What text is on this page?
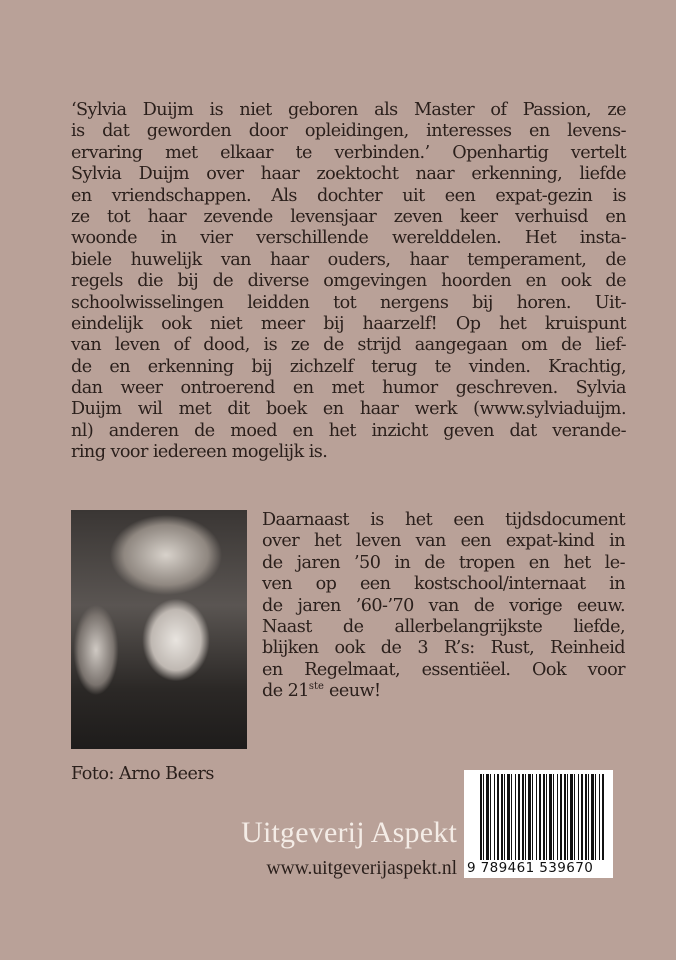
‘Sylvia Duijm is niet geboren als Master of Passion, ze
is dat geworden door opleidingen, interesses en levens-
ervaring met elkaar te verbinden.’ Openhartig vertelt
Sylvia Duijm over haar zoektocht naar erkenning, liefde
en vriendschappen. Als dochter uit een expat-gezin is
ze tot haar zevende levensjaar zeven keer verhuisd en
woonde in vier verschillende werelddelen. Het insta-
biele huwelijk van haar ouders, haar temperament, de
regels die bij de diverse omgevingen hoorden en ook de
schoolwisselingen leidden tot nergens bij horen. Uit-
eindelijk ook niet meer bij haarzelf! Op het kruispunt
van leven of dood, is ze de strijd aangegaan om de lief-
de en erkenning bij zichzelf terug te vinden. Krachtig,
dan weer ontroerend en met humor geschreven. Sylvia
Duijm wil met dit boek en haar werk (www.sylviaduijm.
nl) anderen de moed en het inzicht geven dat verande-
ring voor iedereen mogelijk is.
Daarnaast is het een tijdsdocument
over het leven van een expat-kind in
de jaren ’50 in de tropen en het le-
ven op een kostschool/internaat in
de jaren ’60-’70 van de vorige eeuw.
Naast de allerbelangrijkste liefde,
blijken ook de 3 R’s: Rust, Reinheid
en Regelmaat, essentiëel. Ook voor
de 21ste eeuw!
Foto: Arno Beers
Uitgeverij Aspekt
www.uitgeverijaspekt.nl 9 789461 539670
